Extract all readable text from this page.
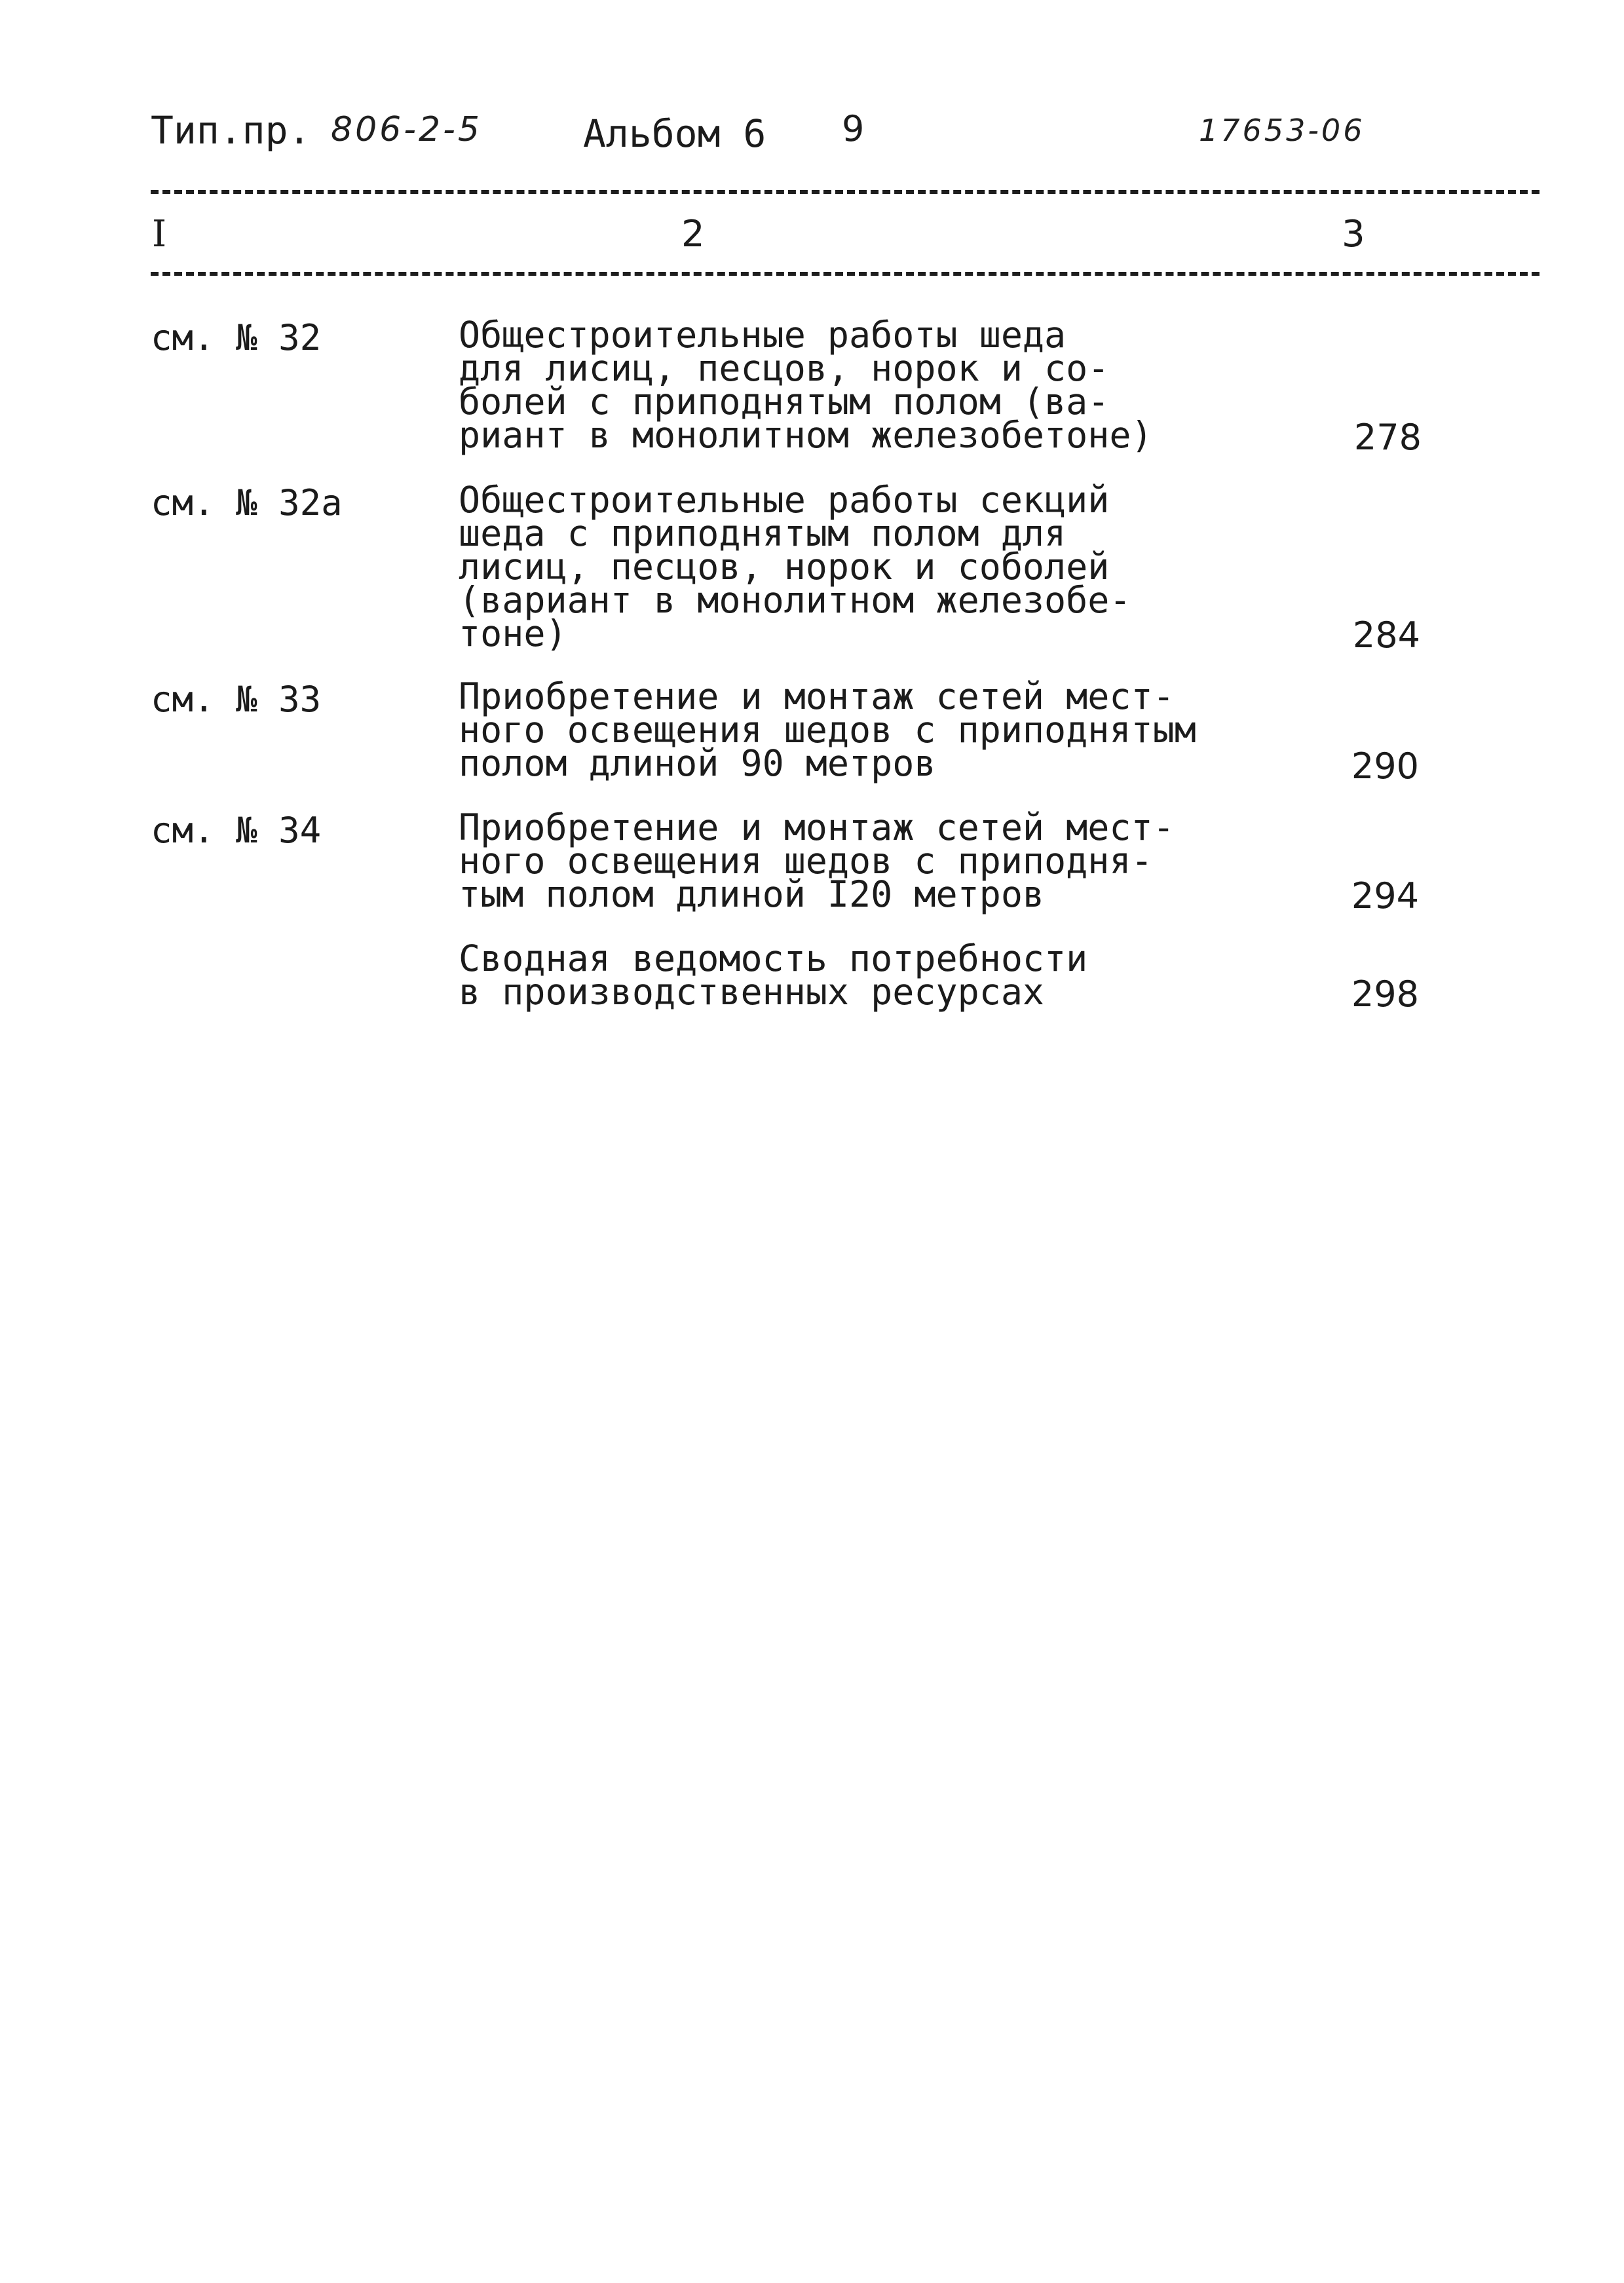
Тип.пр. 806-2-5	Альбом 6 9	17653-06
I	2	3
см. № 32	Общестроительные работы шеда
для лисиц, песцов, норок и со-
болей с приподнятым полом (ва-
риант в монолитном железобетоне)	278
см. № 32а	Общестроительные работы секций
шеда с приподнятым полом для
лисиц, песцов, норок и соболей
(вариант в монолитном железобе-
тоне)	284
см. № 33	Приобретение и монтаж сетей мест-
ного освещения шедов с приподнятым
полом длиной 90 метров	290
см. № 34	Приобретение и монтаж сетей мест-
ного освещения шедов с приподня-
тым полом длиной I20 метров	294
Сводная ведомость потребности
в производственных ресурсах	298
